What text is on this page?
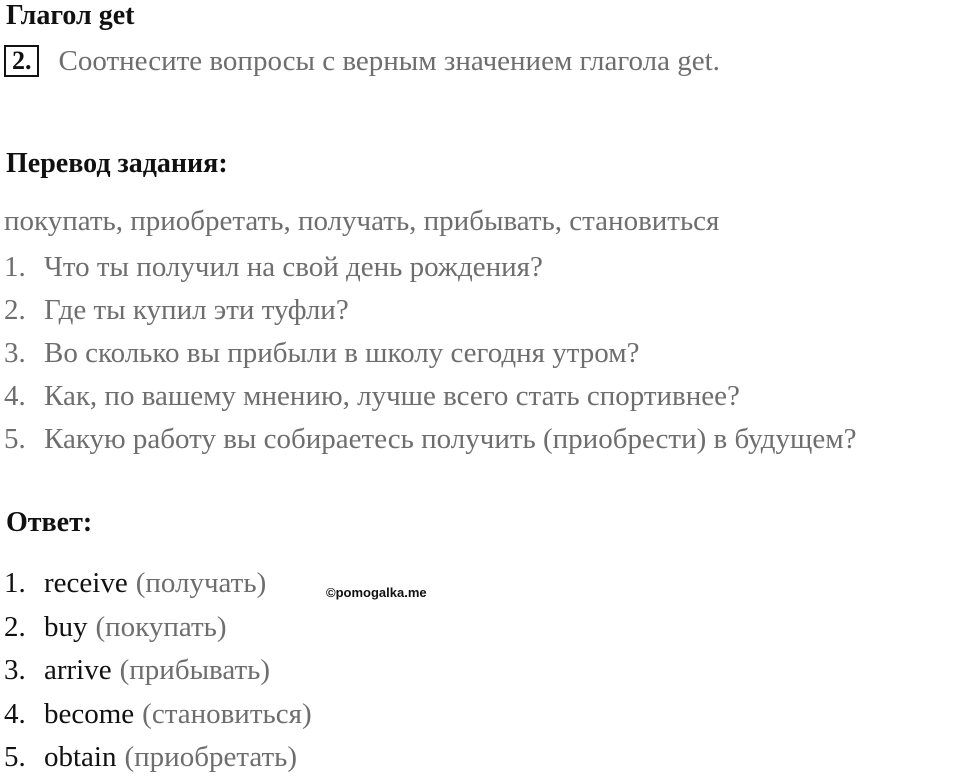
Глагол get
2. Соотнесите вопросы с верным значением глагола get.
Перевод задания:
покупать, приобретать, получать, прибывать, становиться
1. Что ты получил на свой день рождения?
2. Где ты купил эти туфли?
3. Во сколько вы прибыли в школу сегодня утром?
4. Как, по вашему мнению, лучше всего стать спортивнее?
5. Какую работу вы собираетесь получить (приобрести) в будущем?
Ответ:
1. receive (получать)
2. buy (покупать)
3. arrive (прибывать)
4. become (становиться)
5. obtain (приобретать)
©pomogalka.me
